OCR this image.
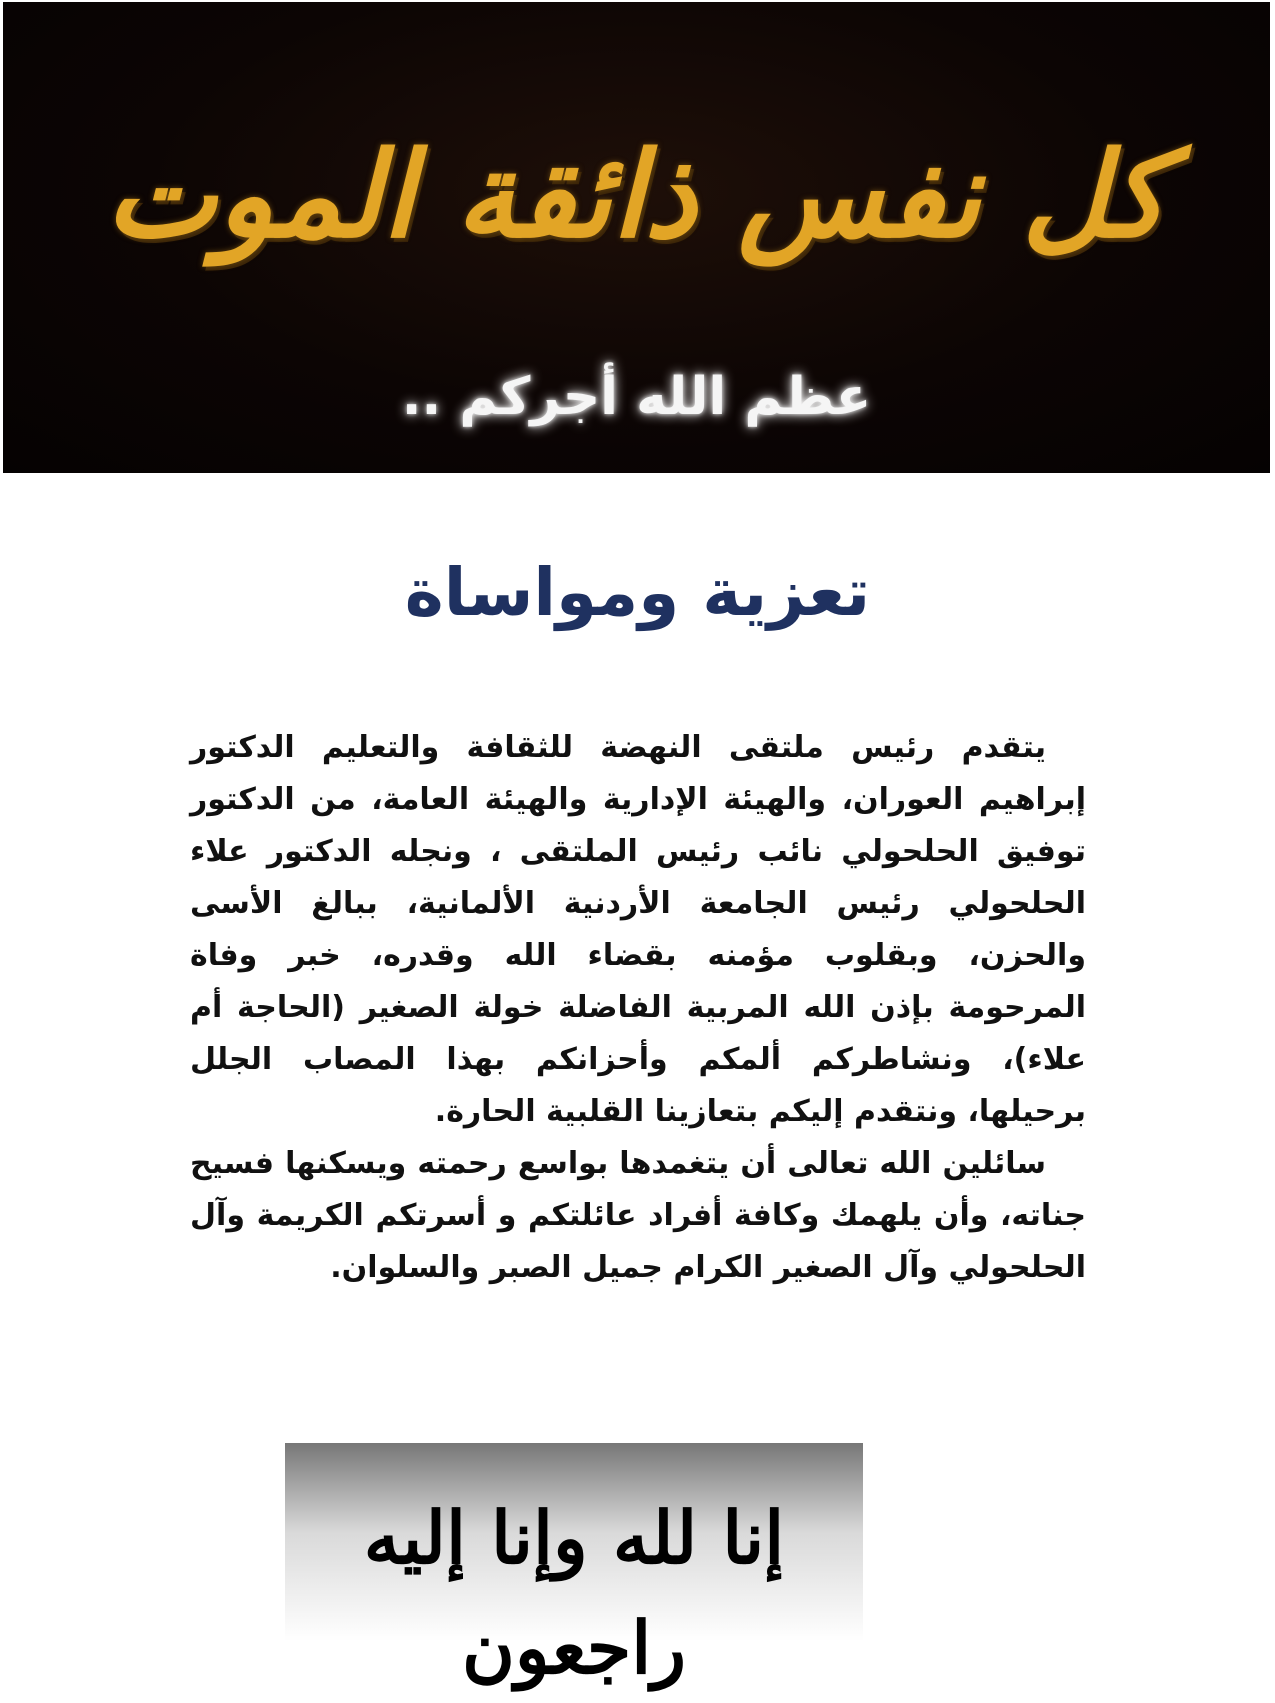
كل نفس ذائقة الموت
عظم الله أجركم ..
تعزية ومواساة

يتقدم رئيس ملتقى النهضة للثقافة والتعليم الدكتور إبراهيم العوران، والهيئة الإدارية والهيئة العامة، من الدكتور توفيق الحلحولي نائب رئيس الملتقى ، ونجله الدكتور علاء الحلحولي رئيس الجامعة الأردنية الألمانية، ببالغ الأسى والحزن، وبقلوب مؤمنه بقضاء الله وقدره، خبر وفاة المرحومة بإذن الله المربية الفاضلة خولة الصغير (الحاجة أم علاء)، ونشاطركم ألمكم وأحزانكم بهذا المصاب الجلل برحيلها، ونتقدم إليكم بتعازينا القلبية الحارة.

سائلين الله تعالى أن يتغمدها بواسع رحمته ويسكنها فسيح جناته، وأن يلهمك وكافة أفراد عائلتكم و أسرتكم الكريمة وآل الحلحولي وآل الصغير الكرام جميل الصبر والسلوان.

إنا لله وإنا إليه راجعون
